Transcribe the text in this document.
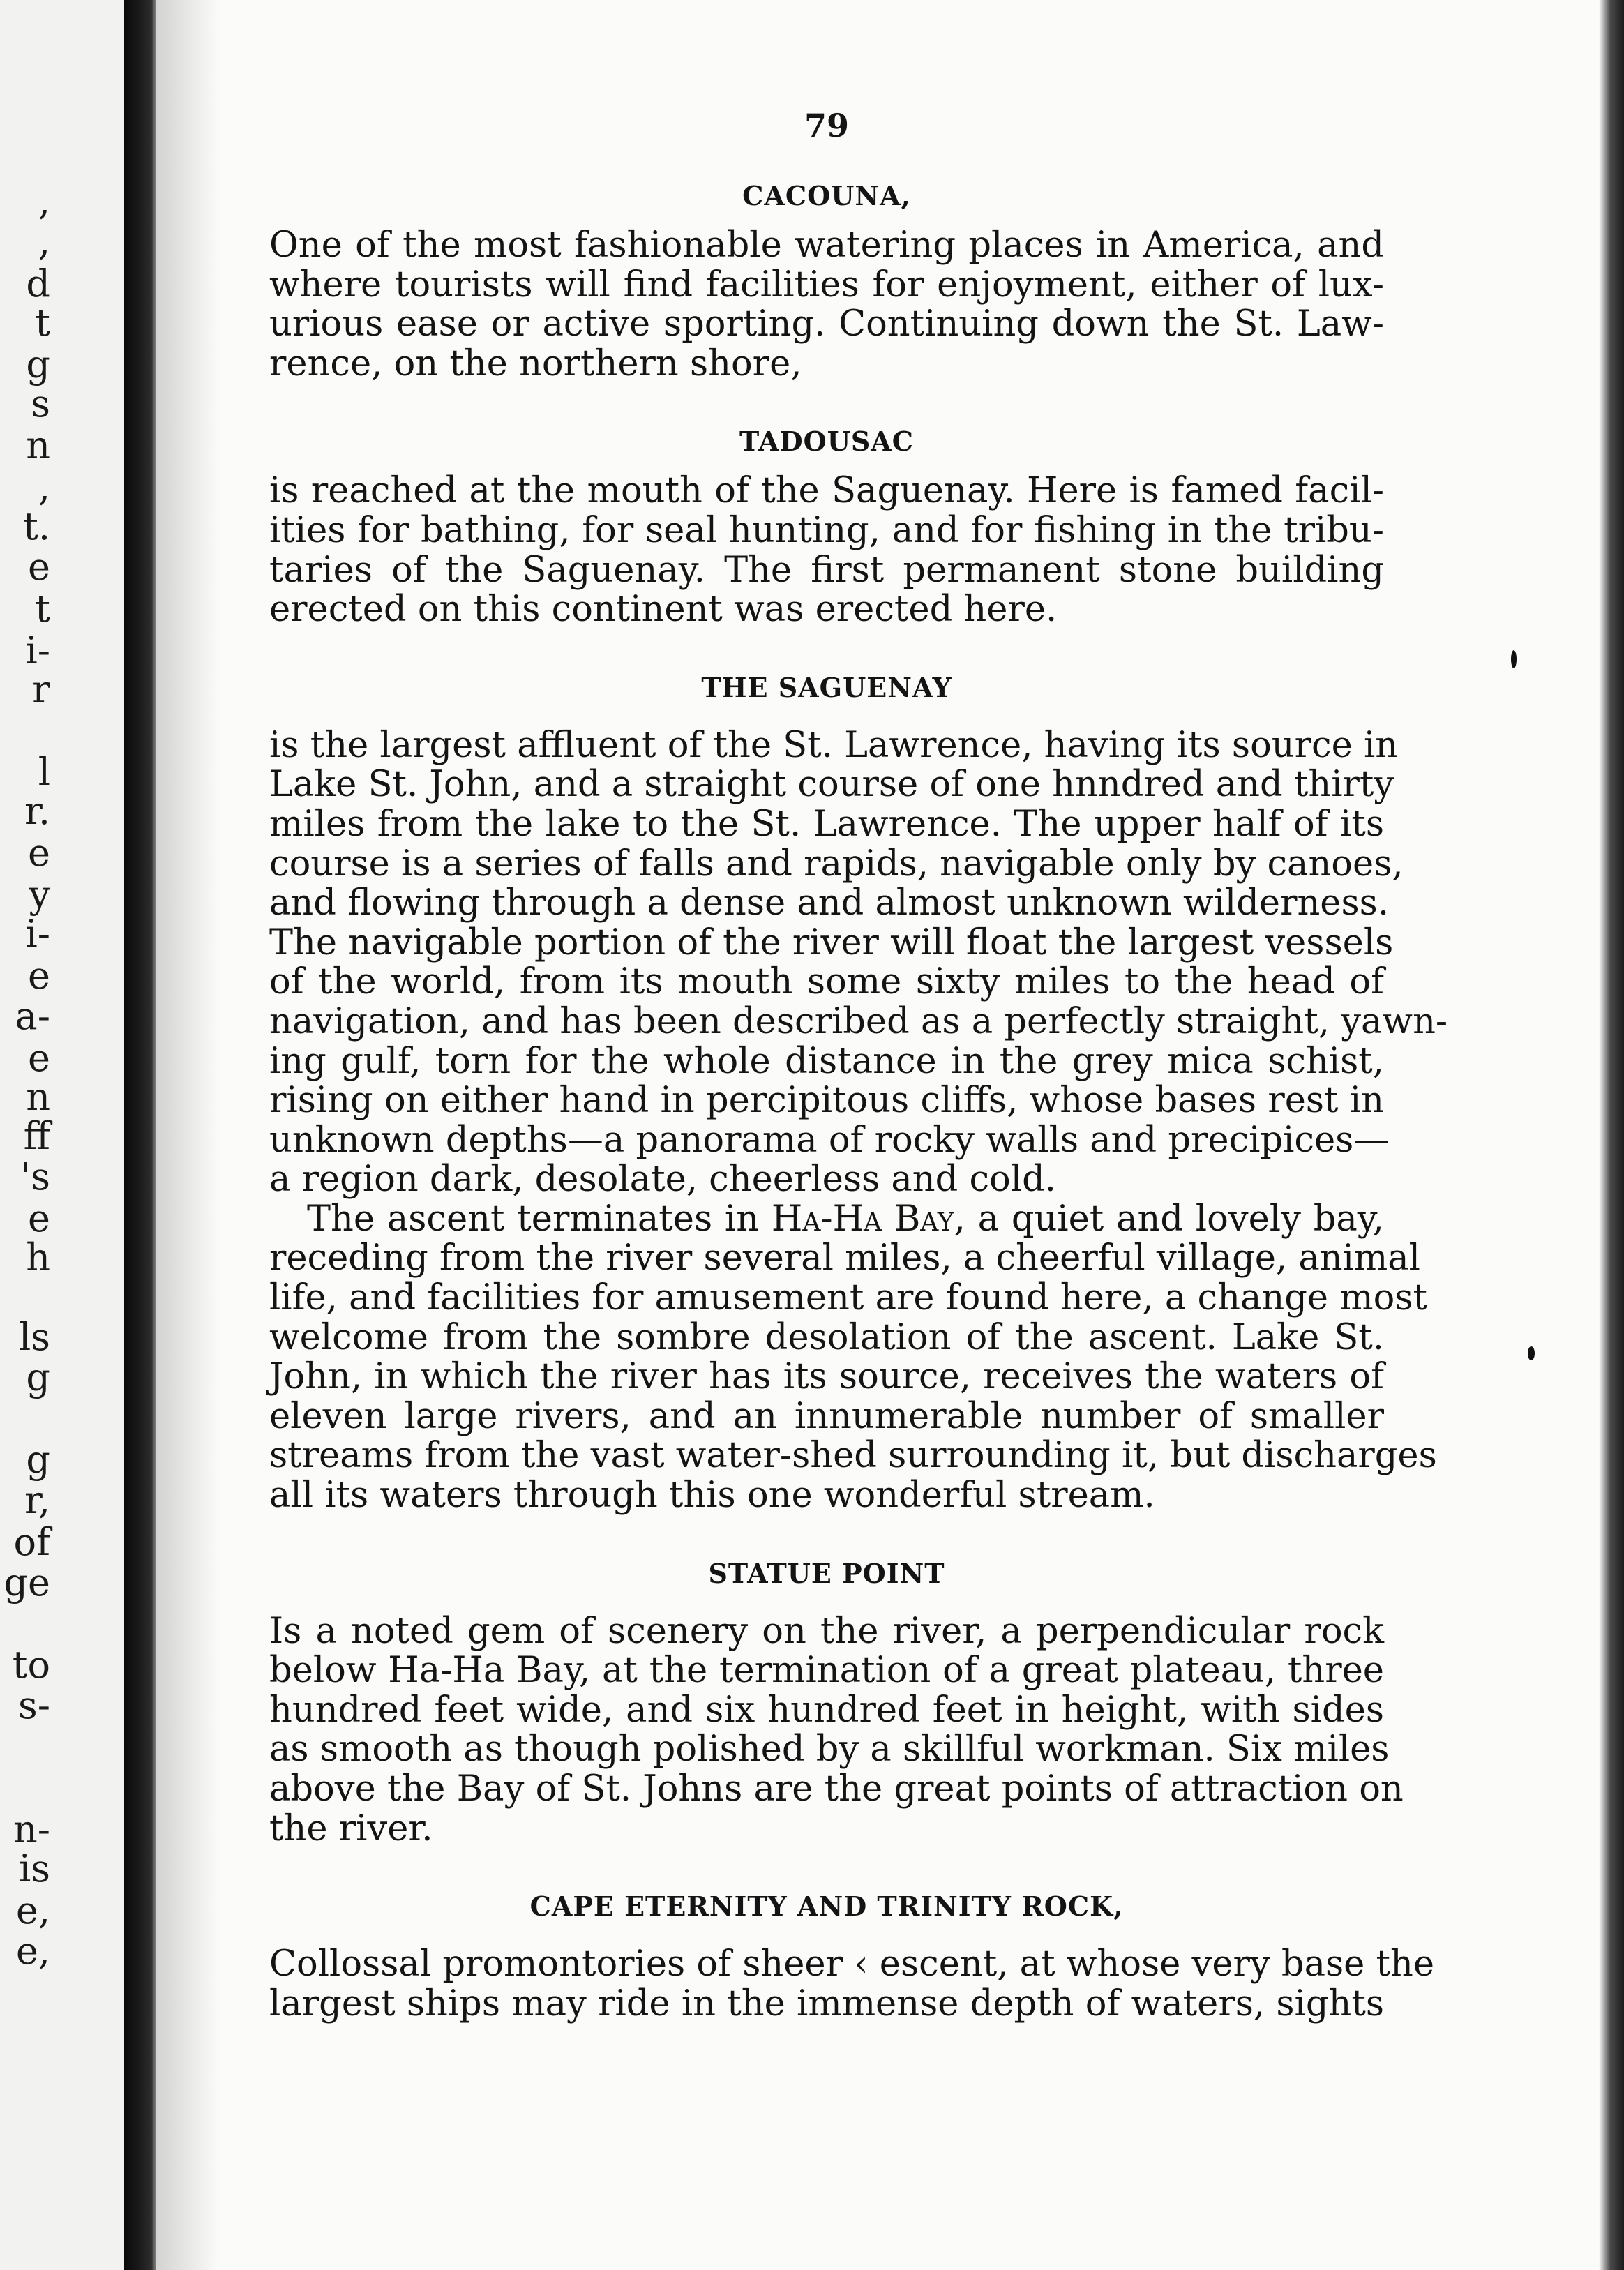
,
,
d
t
g
s
n
,
t.
e
t
i-
r
l
r.
e
y
i-
e
a-
e
n
ff
's
e
h
ls
g
g
r,
of
ge
to
s-
n-
is
e,
e,
79
CACOUNA,
One of the most fashionable watering places in America, and
where tourists will find facilities for enjoyment, either of lux-
urious ease or active sporting. Continuing down the St. Law-
rence, on the northern shore,
TADOUSAC
is reached at the mouth of the Saguenay. Here is famed facil-
ities for bathing, for seal hunting, and for fishing in the tribu-
taries of the Saguenay. The first permanent stone building
erected on this continent was erected here.
THE SAGUENAY
is the largest affluent of the St. Lawrence, having its source in
Lake St. John, and a straight course of one hnndred and thirty
miles from the lake to the St. Lawrence. The upper half of its
course is a series of falls and rapids, navigable only by canoes,
and flowing through a dense and almost unknown wilderness.
The navigable portion of the river will float the largest vessels
of the world, from its mouth some sixty miles to the head of
navigation, and has been described as a perfectly straight, yawn-
ing gulf, torn for the whole distance in the grey mica schist,
rising on either hand in percipitous cliffs, whose bases rest in
unknown depths—a panorama of rocky walls and precipices—
a region dark, desolate, cheerless and cold.
The ascent terminates in Ha-Ha Bay, a quiet and lovely bay,
receding from the river several miles, a cheerful village, animal
life, and facilities for amusement are found here, a change most
welcome from the sombre desolation of the ascent. Lake St.
John, in which the river has its source, receives the waters of
eleven large rivers, and an innumerable number of smaller
streams from the vast water-shed surrounding it, but discharges
all its waters through this one wonderful stream.
STATUE POINT
Is a noted gem of scenery on the river, a perpendicular rock
below Ha-Ha Bay, at the termination of a great plateau, three
hundred feet wide, and six hundred feet in height, with sides
as smooth as though polished by a skillful workman. Six miles
above the Bay of St. Johns are the great points of attraction on
the river.
CAPE ETERNITY AND TRINITY ROCK,
Collossal promontories of sheer ‹ escent, at whose very base the
largest ships may ride in the immense depth of waters, sights
